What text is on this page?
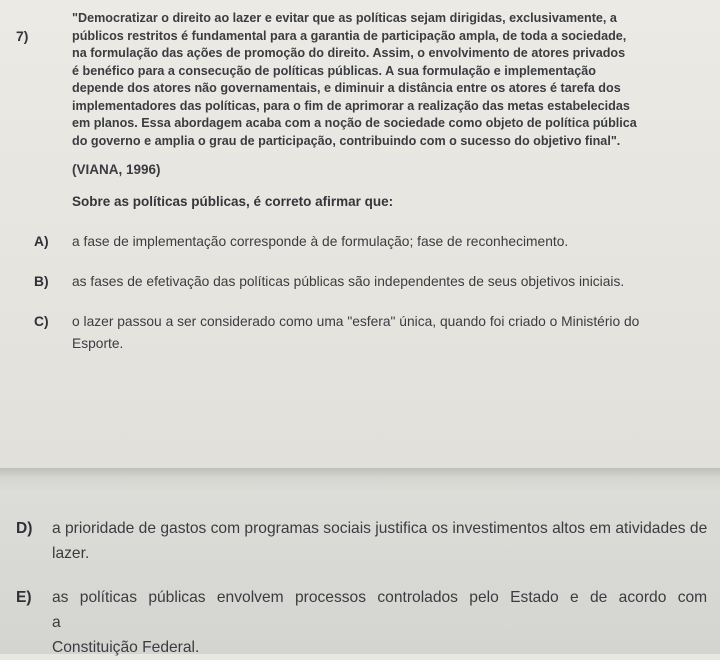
7)
"Democratizar o direito ao lazer e evitar que as políticas sejam dirigidas, exclusivamente, a
públicos restritos é fundamental para a garantia de participação ampla, de toda a sociedade,
na formulação das ações de promoção do direito. Assim, o envolvimento de atores privados
é benéfico para a consecução de políticas públicas. A sua formulação e implementação
depende dos atores não governamentais, e diminuir a distância entre os atores é tarefa dos
implementadores das políticas, para o fim de aprimorar a realização das metas estabelecidas
em planos. Essa abordagem acaba com a noção de sociedade como objeto de política pública
do governo e amplia o grau de participação, contribuindo com o sucesso do objetivo final".
(VIANA, 1996)
Sobre as políticas públicas, é correto afirmar que:
A) a fase de implementação corresponde à de formulação; fase de reconhecimento.
B) as fases de efetivação das políticas públicas são independentes de seus objetivos iniciais.
C) o lazer passou a ser considerado como uma "esfera" única, quando foi criado o Ministério do
Esporte.
D) a prioridade de gastos com programas sociais justifica os investimentos altos em atividades de
lazer.
E) as políticas públicas envolvem processos controlados pelo Estado e de acordo com a
Constituição Federal.
